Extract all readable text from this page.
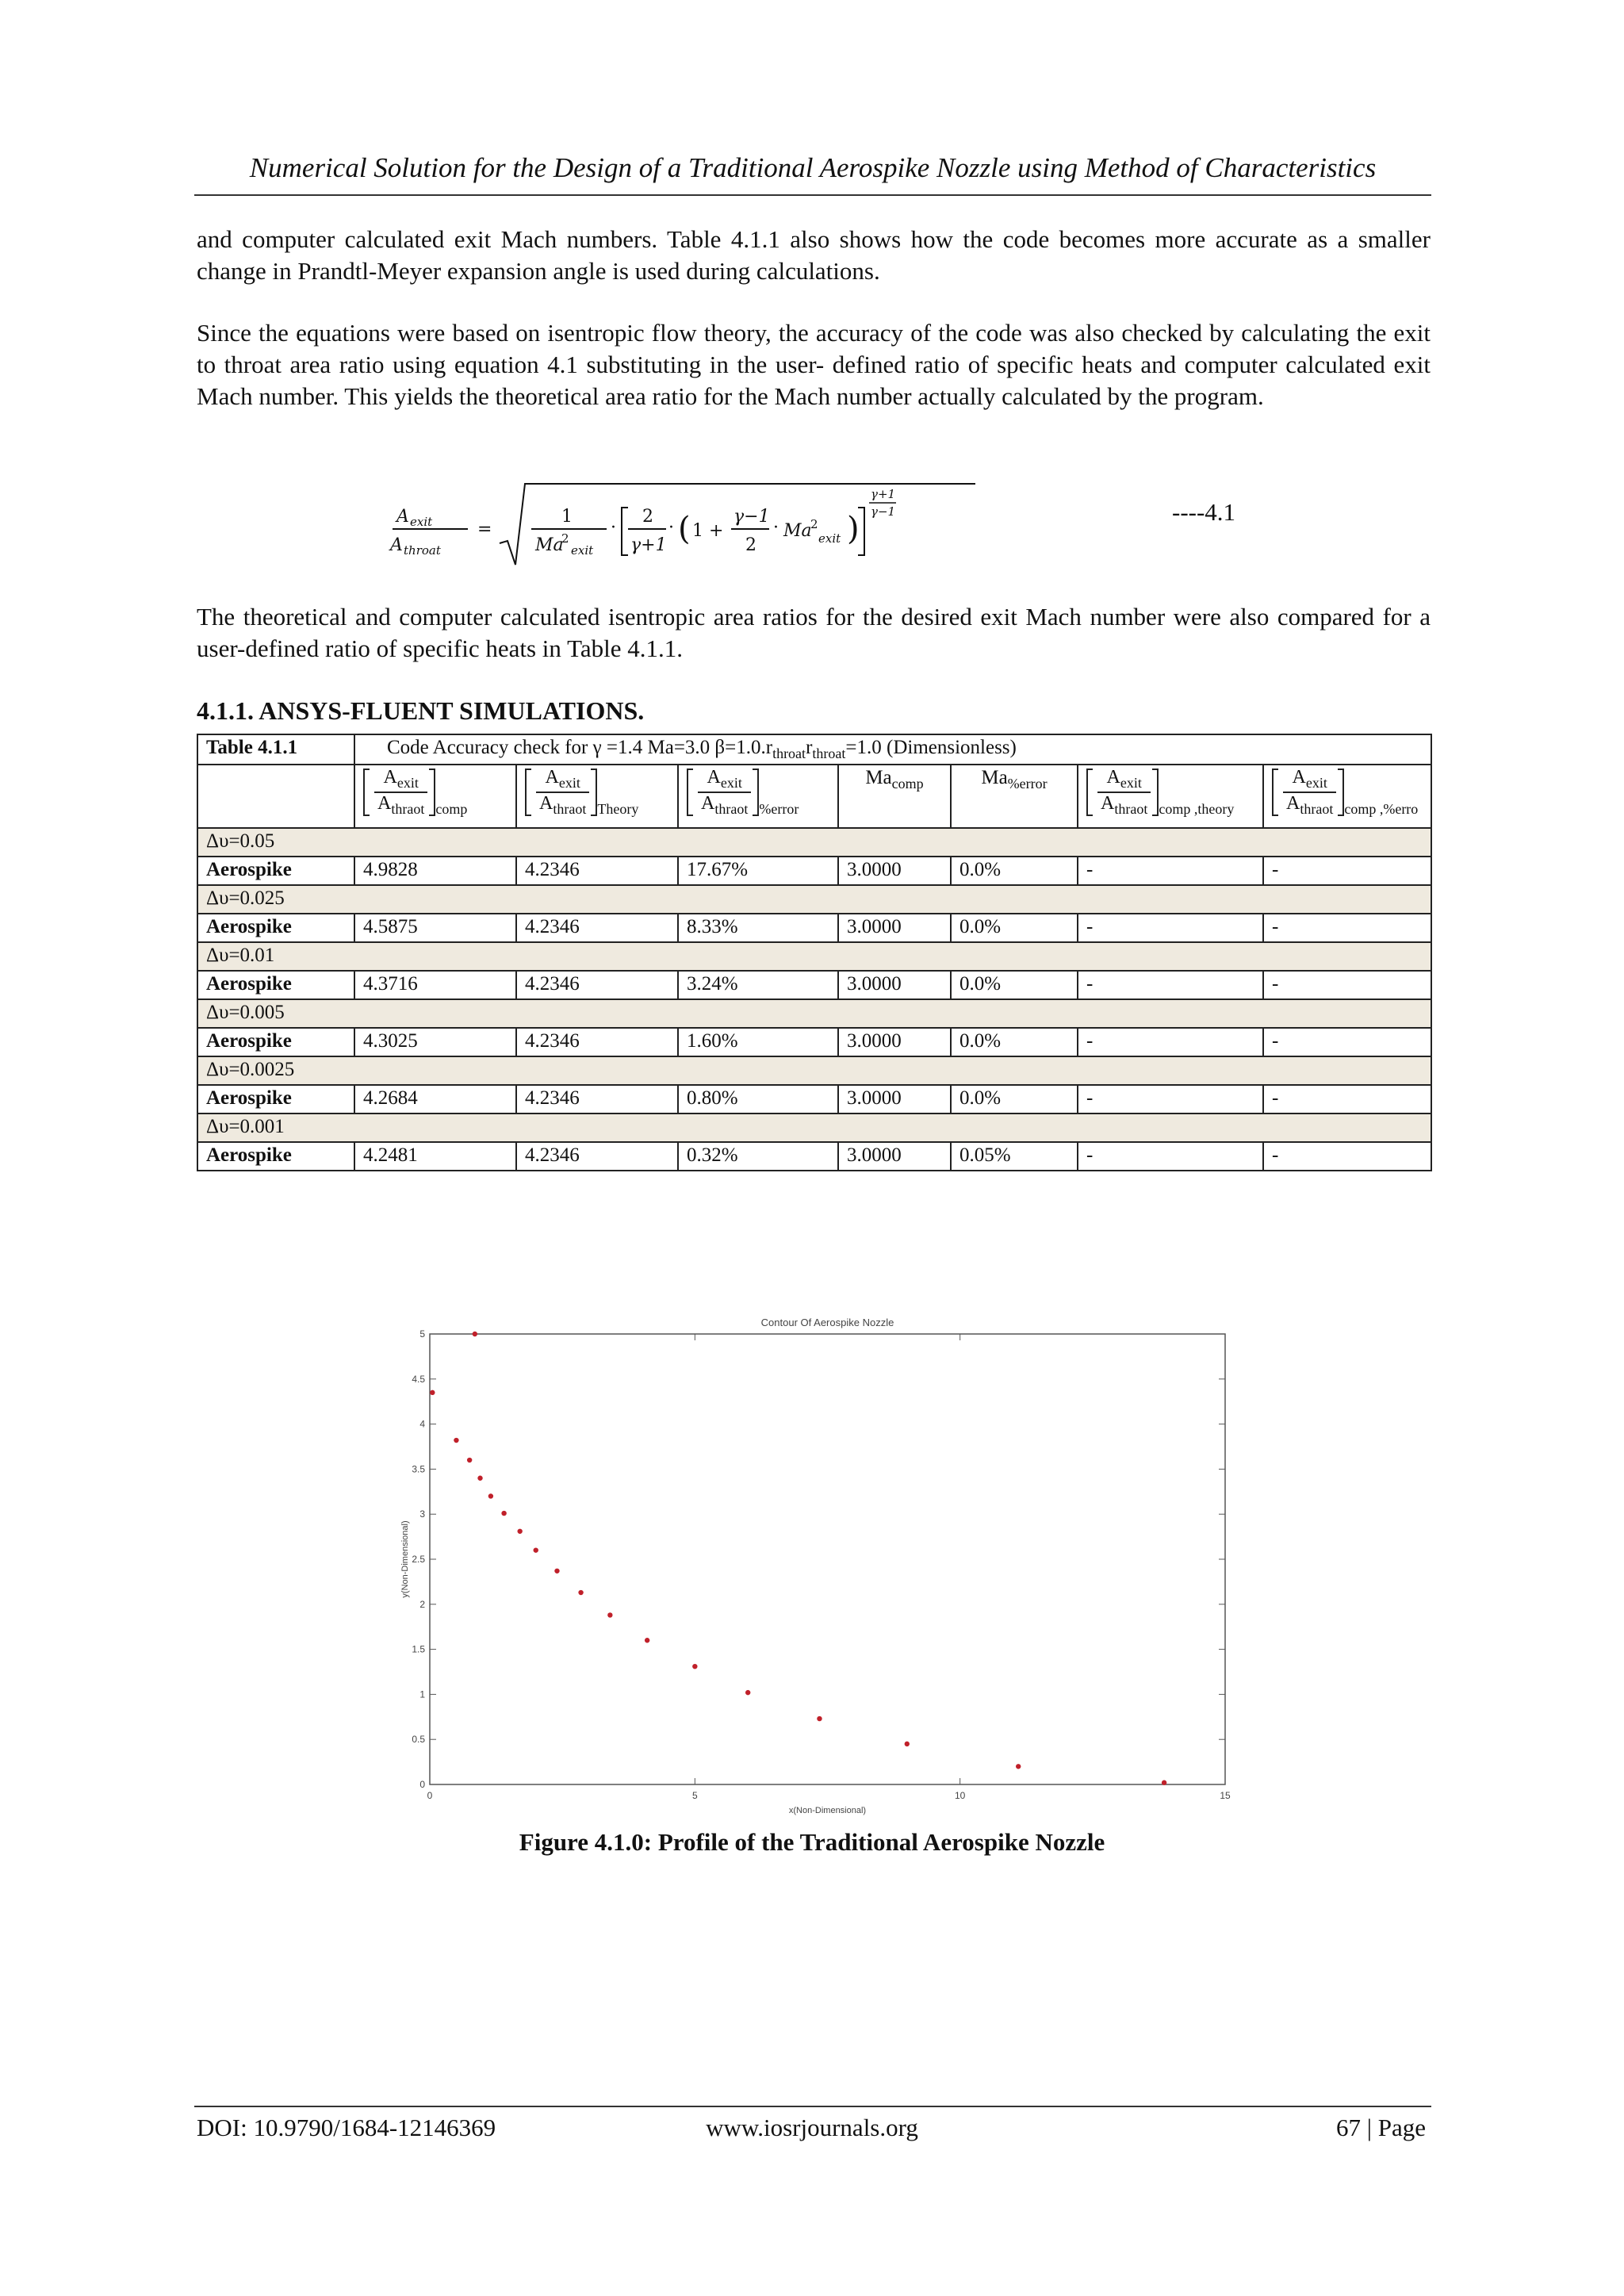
Numerical Solution for the Design of a Traditional Aerospike Nozzle using Method of Characteristics

and computer calculated exit Mach numbers. Table 4.1.1 also shows how the code becomes more accurate as a smaller change in Prandtl-Meyer expansion angle is used during calculations.

Since the equations were based on isentropic flow theory, the accuracy of the code was also checked by calculating the exit to throat area ratio using equation 4.1 substituting in the user- defined ratio of specific heats and computer calculated exit Mach number. This yields the theoretical area ratio for the Mach number actually calculated by the program.

A exit
A throat
=
1
Ma
2
exit
·
2
γ+1
· ( 1 +
γ−1
2
· Ma
2
exit )
γ+1
γ−1	----4.1

The theoretical and computer calculated isentropic area ratios for the desired exit Mach number were also compared for a user-defined ratio of specific heats in Table 4.1.1.

4.1.1. ANSYS-FLUENT SIMULATIONS.
Table 4.1.1	Code Accuracy check for γ =1.4 Ma=3.0 $\beta=1.0.r_{throat}r_{throat}=1.0$ (Dimensionless)						

	$\frac{A_{exit}}{A_{thraot}} _{comp}$	$\frac{A_{exit}}{A_{thraot}} _{Theory}$	$\frac{A_{exit}}{A_{thraot}} _{\%error}$	$Ma_{comp}$	$Ma_{\%error}$	$\frac{A_{exit}}{A_{thraot}} _{comp ,theory}$	$\frac{A_{exit}}{A_{thraot}} _{comp ,\%erro}$
Δυ=0.05							
Aerospike	4.9828	4.2346	17.67%	3.0000	0.0%	-	-
Δυ=0.025							
Aerospike	4.5875	4.2346	8.33%	3.0000	0.0%	-	-
Δυ=0.01							
Aerospike	4.3716	4.2346	3.24%	3.0000	0.0%	-	-
Δυ=0.005							
Aerospike	4.3025	4.2346	1.60%	3.0000	0.0%	-	-
Δυ=0.0025							
Aerospike	4.2684	4.2346	0.80%	3.0000	0.0%	-	-
Δυ=0.001							
Aerospike	4.2481	4.2346	0.32%	3.0000	0.05%	-	-
Contour Of Aerospike Nozzle
0
0.5
1
1.5
2
2.5
3
3.5
4
4.5
5
0	5	10	15
x(Non-Dimensional)
y(Non-Dimensional)
Figure 4.1.0: Profile of the Traditional Aerospike Nozzle
DOI: 10.9790/1684-12146369	www.iosrjournals.org	67 | Page
